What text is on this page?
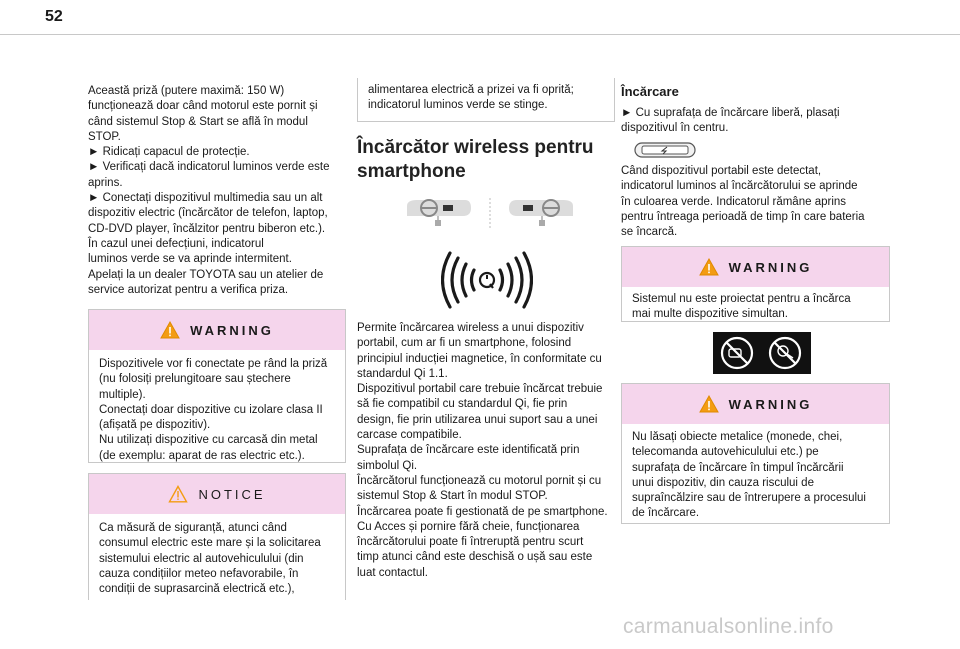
52
Această priză (putere maximă: 150 W)
funcționează doar când motorul este pornit și
când sistemul Stop & Start se află în modul
STOP.
► Ridicați capacul de protecție.
► Verificați dacă indicatorul luminos verde este
aprins.
► Conectați dispozitivul multimedia sau un alt
dispozitiv electric (încărcător de telefon, laptop,
CD-DVD player, încălzitor pentru biberon etc.).
În cazul unei defecțiuni, indicatorul
luminos verde se va aprinde intermitent.
Apelați la un dealer TOYOTA sau un atelier de
service autorizat pentru a verifica priza.
WARNING
Dispozitivele vor fi conectate pe rând la priză
(nu folosiți prelungitoare sau ștechere
multiple).
Conectați doar dispozitive cu izolare clasa II
(afișată pe dispozitiv).
Nu utilizați dispozitive cu carcasă din metal
(de exemplu: aparat de ras electric etc.).
NOTICE
Ca măsură de siguranță, atunci când
consumul electric este mare și la solicitarea
sistemului electric al autovehiculului (din
cauza condițiilor meteo nefavorabile, în
condiții de suprasarcină electrică etc.),
alimentarea electrică a prizei va fi oprită;
indicatorul luminos verde se stinge.
Încărcător wireless pentru
smartphone
Permite încărcarea wireless a unui dispozitiv
portabil, cum ar fi un smartphone, folosind
principiul inducției magnetice, în conformitate cu
standardul Qi 1.1.
Dispozitivul portabil care trebuie încărcat trebuie
să fie compatibil cu standardul Qi, fie prin
design, fie prin utilizarea unui suport sau a unei
carcase compatibile.
Suprafața de încărcare este identificată prin
simbolul Qi.
Încărcătorul funcționează cu motorul pornit și cu
sistemul Stop & Start în modul STOP.
Încărcarea poate fi gestionată de pe smartphone.
Cu Acces și pornire fără cheie, funcționarea
încărcătorului poate fi întreruptă pentru scurt
timp atunci când este deschisă o ușă sau este
luat contactul.
Încărcare
► Cu suprafața de încărcare liberă, plasați
dispozitivul în centru.
Când dispozitivul portabil este detectat,
indicatorul luminos al încărcătorului se aprinde
în culoarea verde. Indicatorul rămâne aprins
pentru întreaga perioadă de timp în care bateria
se încarcă.
WARNING
Sistemul nu este proiectat pentru a încărca
mai multe dispozitive simultan.
WARNING
Nu lăsați obiecte metalice (monede, chei,
telecomanda autovehiculului etc.) pe
suprafața de încărcare în timpul încărcării
unui dispozitiv, din cauza riscului de
supraîncălzire sau de întrerupere a procesului
de încărcare.
carmanualsonline.info
